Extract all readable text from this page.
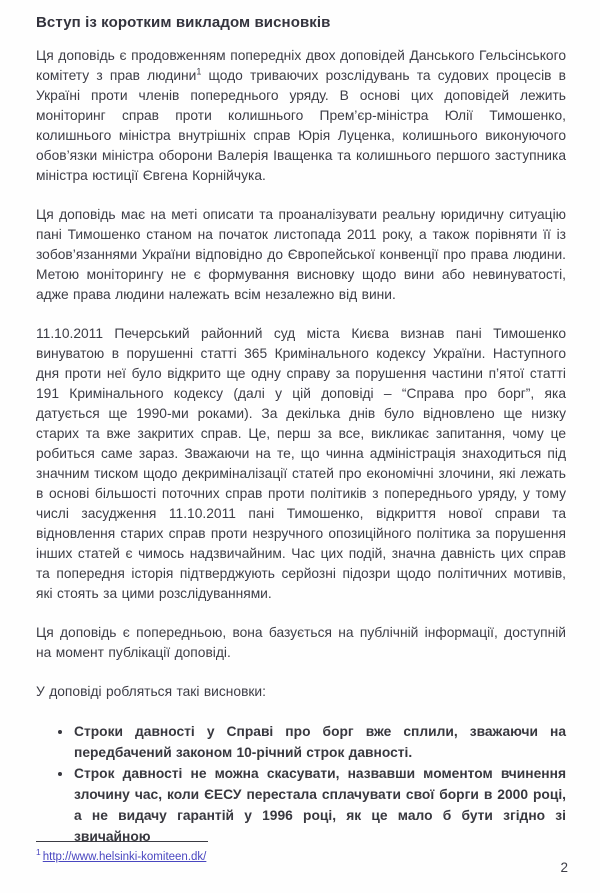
Вступ із коротким викладом висновків

Ця доповідь є продовженням попередніх двох доповідей Данського Гельсінського комітету з прав людини$^1$ щодо триваючих розслідувань та судових процесів в Україні проти членів попереднього уряду. В основі цих доповідей лежить моніторинг справ проти колишнього Прем’єр-міністра Юлії Тимошенко, колишнього міністра внутрішніх справ Юрія Луценка, колишнього виконуючого обов’язки міністра оборони Валерія Іващенка та колишнього першого заступника міністра юстиції Євгена Корнійчука.

Ця доповідь має на меті описати та проаналізувати реальну юридичну ситуацію пані Тимошенко станом на початок листопада 2011 року, а також порівняти її із зобов’язаннями України відповідно до Європейської конвенції про права людини. Метою моніторингу не є формування висновку щодо вини або невинуватості, адже права людини належать всім незалежно від вини.

11.10.2011 Печерський районний суд міста Києва визнав пані Тимошенко винуватою в порушенні статті 365 Кримінального кодексу України. Наступного дня проти неї було відкрито ще одну справу за порушення частини п’ятої статті 191 Кримінального кодексу (далі у цій доповіді – “Справа про борг”, яка датується ще 1990-ми роками). За декілька днів було відновлено ще низку старих та вже закритих справ. Це, перш за все, викликає запитання, чому це робиться саме зараз. Зважаючи на те, що чинна адміністрація знаходиться під значним тиском щодо декриміналізації статей про економічні злочини, які лежать в основі більшості поточних справ проти політиків з попереднього уряду, у тому числі засудження 11.10.2011 пані Тимошенко, відкриття нової справи та відновлення старих справ проти незручного опозиційного політика за порушення інших статей є чимось надзвичайним. Час цих подій, значна давність цих справ та попередня історія підтверджують серйозні підозри щодо політичних мотивів, які стоять за цими розслідуваннями.

Ця доповідь є попередньою, вона базується на публічній інформації, доступній на момент публікації доповіді.

У доповіді робляться такі висновки:

• Строки давності у Справі про борг вже сплили, зважаючи на передбачений законом 10-річний строк давності.
• Строк давності не можна скасувати, назвавши моментом вчинення злочину час, коли ЄЕСУ перестала сплачувати свої борги в 2000 році, а не видачу гарантій у 1996 році, як це мало б бути згідно зі звичайною
$^1$ http://www.helsinki-komiteen.dk/
2
